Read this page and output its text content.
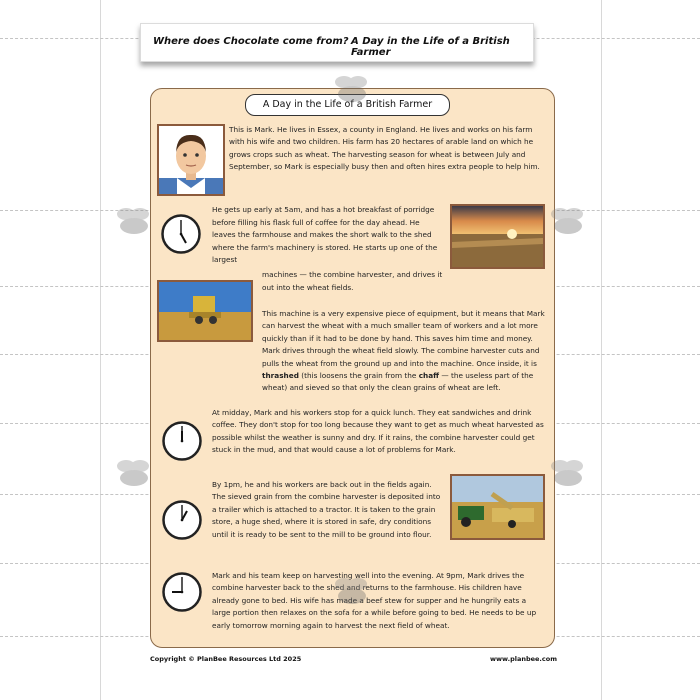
Where does Chocolate come from? A Day in the Life of a British Farmer
A Day in the Life of a British Farmer

This is Mark. He lives in Essex, a county in England. He lives and works on his farm with his wife and two children. His farm has 20 hectares of arable land on which he grows crops such as wheat. The harvesting season for wheat is between July and September, so Mark is especially busy then and often hires extra people to help him.

He gets up early at 5am, and has a hot breakfast of porridge before filling his flask full of coffee for the day ahead. He leaves the farmhouse and makes the short walk to the shed where the farm's machinery is stored. He starts up one of the largest

machines — the combine harvester, and drives it out into the wheat fields.

This machine is a very expensive piece of equipment, but it means that Mark can harvest the wheat with a much smaller team of workers and a lot more quickly than if it had to be done by hand. This saves him time and money. Mark drives through the wheat field slowly. The combine harvester cuts and pulls the wheat from the ground up and into the machine. Once inside, it is thrashed (this loosens the grain from the chaff — the useless part of the wheat) and sieved so that only the clean grains of wheat are left.

At midday, Mark and his workers stop for a quick lunch. They eat sandwiches and drink coffee. They don't stop for too long because they want to get as much wheat harvested as possible whilst the weather is sunny and dry. If it rains, the combine harvester could get stuck in the mud, and that would cause a lot of problems for Mark.

By 1pm, he and his workers are back out in the fields again. The sieved grain from the combine harvester is deposited into a trailer which is attached to a tractor. It is taken to the grain store, a huge shed, where it is stored in safe, dry conditions until it is ready to be sent to the mill to be ground into flour.

Mark and his team keep on harvesting well into the evening. At 9pm, Mark drives the combine harvester back to the shed and returns to the farmhouse. His children have already gone to bed. His wife has made a beef stew for supper and he hungrily eats a large portion then relaxes on the sofa for a while before going to bed. He needs to be up early tomorrow morning again to harvest the next field of wheat.

Copyright © PlanBee Resources Ltd 2025	www.planbee.com
